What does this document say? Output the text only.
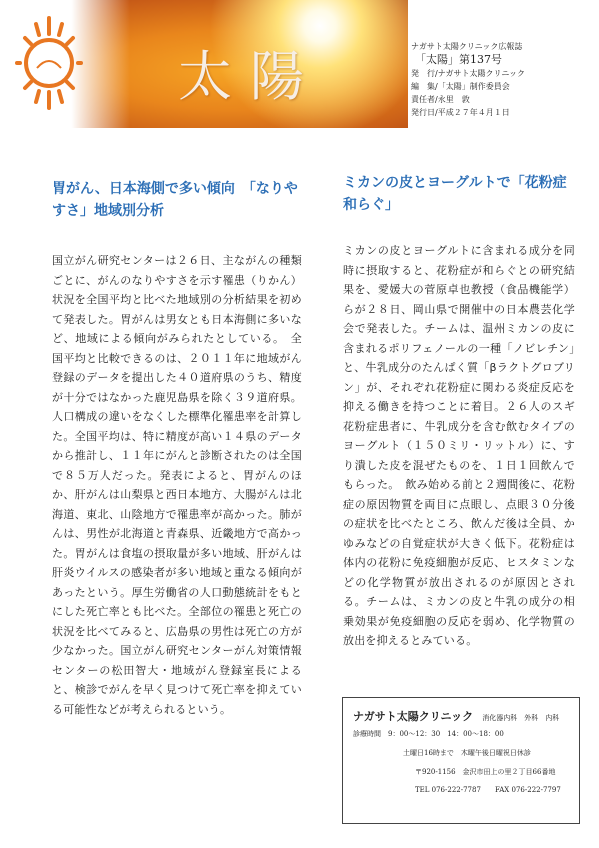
太陽	ナガサト太陽クリニック広報誌
「太陽」第137号
発　行/ナガサト太陽クリニック
編　集/「太陽」制作委員会
責任者/永里　敦
発行日/平成２７年４月１日
胃がん、日本海側で多い傾向　「なりやすさ」地域別分析
国立がん研究センターは２６日、主ながんの種類ごとに、がんのなりやすさを示す罹患（りかん）状況を全国平均と比べた地域別の分析結果を初めて発表した。胃がんは男女とも日本海側に多いなど、地域による傾向がみられたとしている。　全国平均と比較できるのは、２０１１年に地域がん登録のデータを提出した４０道府県のうち、精度が十分ではなかった鹿児島県を除く３９道府県。人口構成の違いをなくした標準化罹患率を計算した。全国平均は、特に精度が高い１４県のデータから推計し、１１年にがんと診断されたのは全国で８５万人だった。発表によると、胃がんのほか、肝がんは山梨県と西日本地方、大腸がんは北海道、東北、山陰地方で罹患率が高かった。肺がんは、男性が北海道と青森県、近畿地方で高かった。胃がんは食塩の摂取量が多い地域、肝がんは肝炎ウイルスの感染者が多い地域と重なる傾向があったという。厚生労働省の人口動態統計をもとにした死亡率とも比べた。全部位の罹患と死亡の状況を比べてみると、広島県の男性は死亡の方が少なかった。国立がん研究センターがん対策情報センターの松田智大・地域がん登録室長によると、検診でがんを早く見つけて死亡率を抑えている可能性などが考えられるという。
ミカンの皮とヨーグルトで「花粉症和らぐ」
ミカンの皮とヨーグルトに含まれる成分を同時に摂取すると、花粉症が和らぐとの研究結果を、愛媛大の菅原卓也教授（食品機能学）らが２８日、岡山県で開催中の日本農芸化学会で発表した。チームは、温州ミカンの皮に含まれるポリフェノールの一種「ノビレチン」と、牛乳成分のたんぱく質「βラクトグロブリン」が、それぞれ花粉症に関わる炎症反応を抑える働きを持つことに着目。２６人のスギ花粉症患者に、牛乳成分を含む飲むタイプのヨーグルト（１５０ミリ・リットル）に、すり潰した皮を混ぜたものを、１日１回飲んでもらった。　飲み始める前と２週間後に、花粉症の原因物質を両目に点眼し、点眼３０分後の症状を比べたところ、飲んだ後は全員、かゆみなどの自覚症状が大きく低下。花粉症は体内の花粉に免疫細胞が反応、ヒスタミンなどの化学物質が放出されるのが原因とされる。チームは、ミカンの皮と牛乳の成分の相乗効果が免疫細胞の反応を弱め、化学物質の放出を抑えるとみている。
ナガサト太陽クリニック 消化器内科　外科　内科
診療時間　9：00～12：30　14：00～18：00
土曜日16時まで　木曜午後日曜祝日休診
〒920-1156　金沢市田上の里２丁目66番地
TEL 076-222-7787 FAX 076-222-7797
